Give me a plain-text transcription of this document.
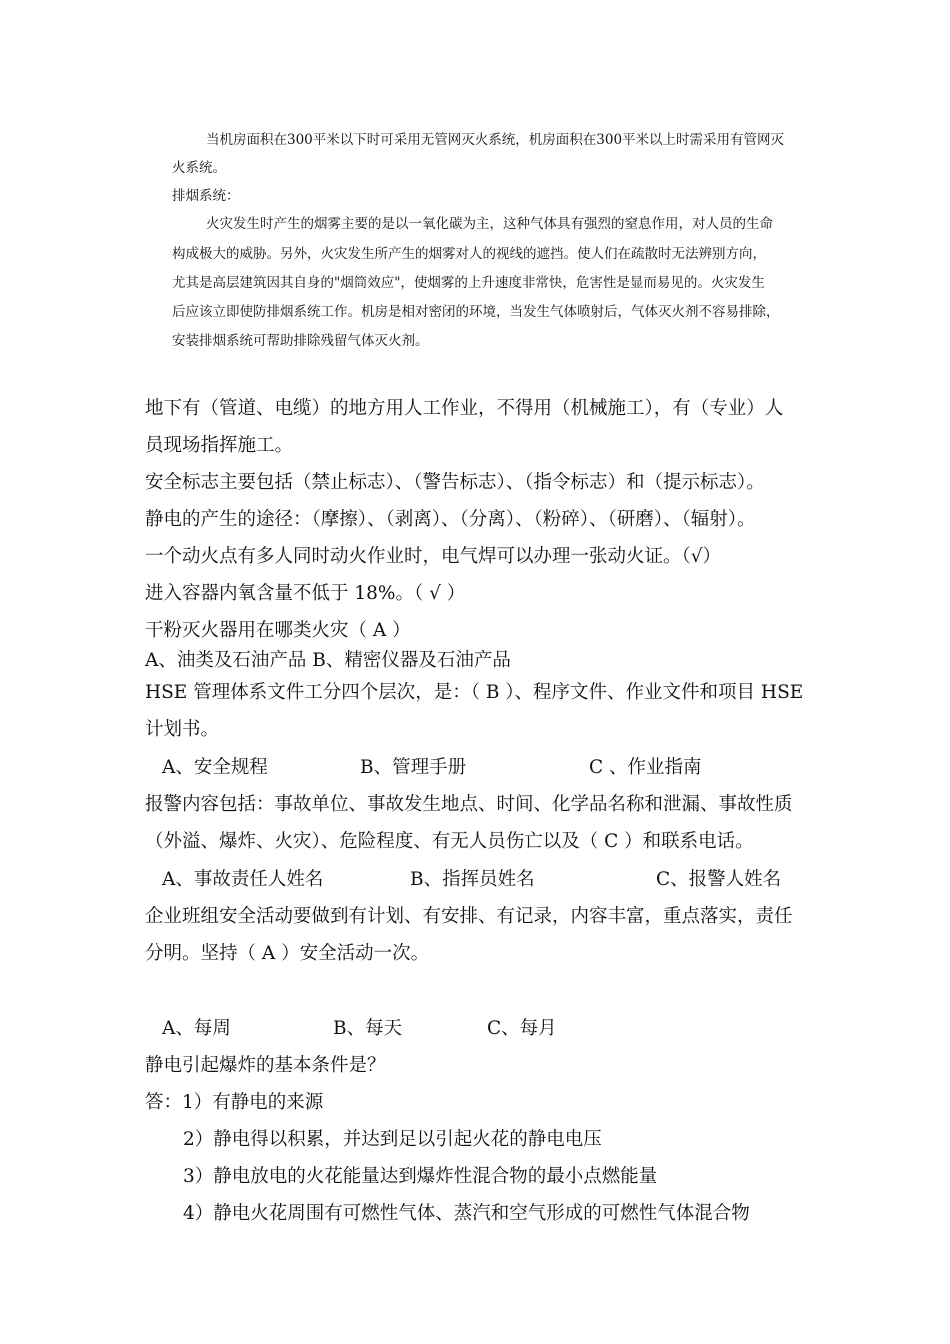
当机房面积在300平米以下时可采用无管网灭火系统，机房面积在300平米以上时需采用有管网灭
火系统。
排烟系统：
火灾发生时产生的烟雾主要的是以一氧化碳为主，这种气体具有强烈的窒息作用，对人员的生命
构成极大的威胁。另外，火灾发生所产生的烟雾对人的视线的遮挡。使人们在疏散时无法辨别方向，
尤其是高层建筑因其自身的"烟筒效应"，使烟雾的上升速度非常快，危害性是显而易见的。火灾发生
后应该立即使防排烟系统工作。机房是相对密闭的环境，当发生气体喷射后，气体灭火剂不容易排除，
安装排烟系统可帮助排除残留气体灭火剂。
地下有（管道、电缆）的地方用人工作业，不得用（机械施工），有（专业）人
员现场指挥施工。
安全标志主要包括（禁止标志）、（警告标志）、（指令标志）和（提示标志）。
静电的产生的途径：（摩擦）、（剥离）、（分离）、（粉碎）、（研磨）、（辐射）。
一个动火点有多人同时动火作业时，电气焊可以办理一张动火证。（√）
进入容器内氧含量不低于 18%。（ √ ）
干粉灭火器用在哪类火灾（ A ）
A、油类及石油产品 B、精密仪器及石油产品
HSE 管理体系文件工分四个层次，是：（ B ）、程序文件、作业文件和项目 HSE
计划书。
A、安全规程	B、管理手册	C 、作业指南
报警内容包括：事故单位、事故发生地点、时间、化学品名称和泄漏、事故性质
（外溢、爆炸、火灾）、危险程度、有无人员伤亡以及（ C ）和联系电话。
A、事故责任人姓名	B、指挥员姓名	C、报警人姓名
企业班组安全活动要做到有计划、有安排、有记录，内容丰富，重点落实，责任
分明。坚持（ A ）安全活动一次。
A、每周	B、每天	C、每月
静电引起爆炸的基本条件是？
答：1）有静电的来源
2）静电得以积累，并达到足以引起火花的静电电压
3）静电放电的火花能量达到爆炸性混合物的最小点燃能量
4）静电火花周围有可燃性气体、蒸汽和空气形成的可燃性气体混合物
